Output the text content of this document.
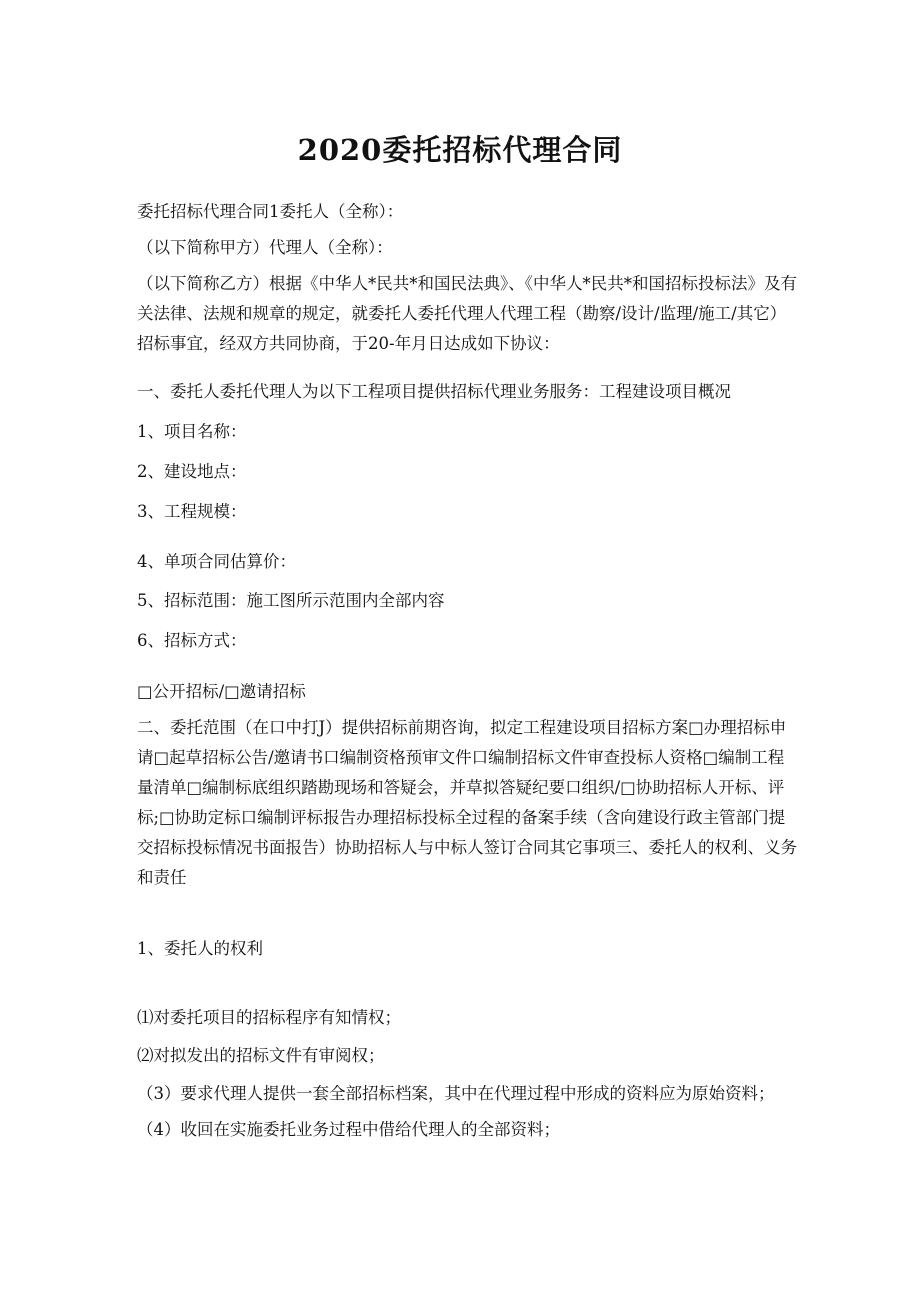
2020委托招标代理合同
委托招标代理合同1委托人（全称）：
（以下简称甲方）代理人（全称）：
（以下简称乙方）根据《中华人*民共*和国民法典》、《中华人*民共*和国招标投标法》及有关法律、法规和规章的规定，就委托人委托代理人代理工程（勘察/设计/监理/施工/其它）招标事宜，经双方共同协商，于20-年月日达成如下协议：
一、委托人委托代理人为以下工程项目提供招标代理业务服务：工程建设项目概况
1、项目名称：
2、建设地点：
3、工程规模：
4、单项合同估算价：
5、招标范围：施工图所示范围内全部内容
6、招标方式：
□公开招标/□邀请招标
二、委托范围（在口中打J）提供招标前期咨询，拟定工程建设项目招标方案□办理招标申请□起草招标公告/邀请书口编制资格预审文件口编制招标文件审查投标人资格□编制工程量清单□编制标底组织踏勘现场和答疑会，并草拟答疑纪要口组织/□协助招标人开标、评标;□协助定标口编制评标报告办理招标投标全过程的备案手续（含向建设行政主管部门提交招标投标情况书面报告）协助招标人与中标人签订合同其它事项三、委托人的权利、义务和责任
1、委托人的权利
⑴对委托项目的招标程序有知情权；
⑵对拟发出的招标文件有审阅权；
（3）要求代理人提供一套全部招标档案，其中在代理过程中形成的资料应为原始资料；
（4）收回在实施委托业务过程中借给代理人的全部资料；
